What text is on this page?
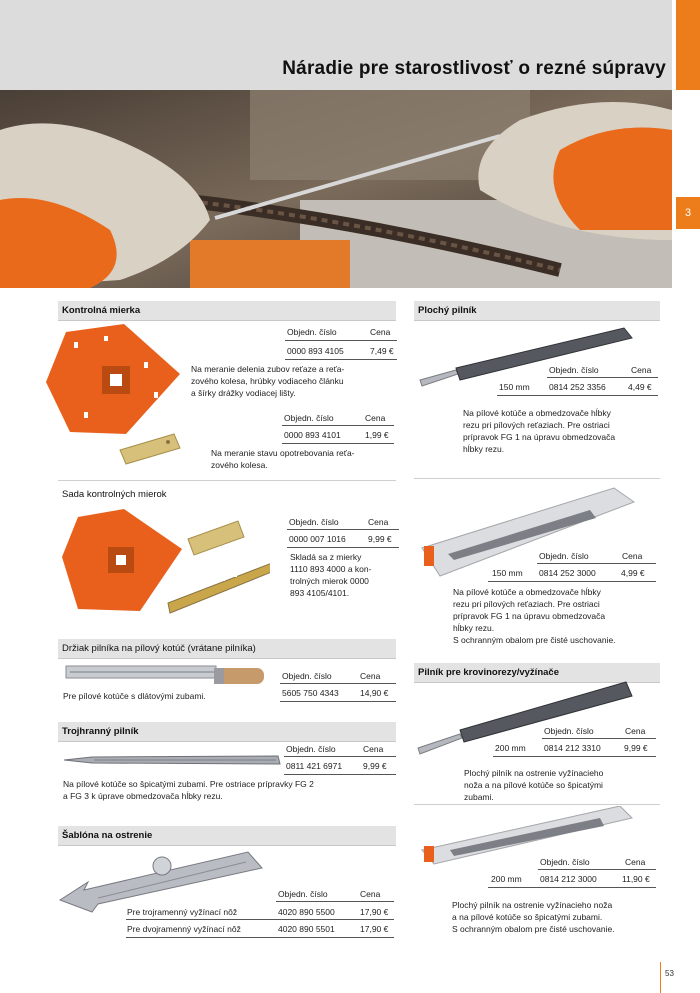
Náradie pre starostlivosť o rezné súpravy
3
Kontrolná mierka
Objedn. číslo	Cena
0000 893 4105	7,49 €
Na meranie delenia zubov reťaze a reťa-
zového kolesa, hrúbky vodiaceho článku
a šírky drážky vodiacej lišty.
Objedn. číslo	Cena
0000 893 4101	1,99 €
Na meranie stavu opotrebovania reťa-
zového kolesa.
Sada kontrolných mierok
Objedn. číslo	Cena
0000 007 1016	9,99 €
Skladá sa z mierky
1110 893 4000 a kon-
trolných mierok 0000
893 4105/4101.
Držiak pilníka na pílový kotúč (vrátane pilníka)
Objedn. číslo	Cena
Pre pílové kotúče s dlátovými zubami.	5605 750 4343	14,90 €
Trojhranný pilník
Objedn. číslo	Cena
0811 421 6971 9,99 €
Na pílové kotúče so špicatými zubami. Pre ostriace prípravky FG 2
a FG 3 k úprave obmedzovača hĺbky rezu.
Šablóna na ostrenie
Objedn. číslo	Cena
Pre trojramenný vyžínací nôž	4020 890 5500	17,90 €
Pre dvojramenný vyžínací nôž	4020 890 5501	17,90 €
Plochý pilník
Objedn. číslo	Cena
150 mm 0814 252 3356	4,49 €
Na pílové kotúče a obmedzovače hĺbky
rezu pri pílových reťaziach. Pre ostriaci
prípravok FG 1 na úpravu obmedzovača
hĺbky rezu.
Objedn. číslo	Cena
150 mm 0814 252 3000	4,99 €
Na pílové kotúče a obmedzovače hĺbky
rezu pri pílových reťaziach. Pre ostriaci
prípravok FG 1 na úpravu obmedzovača
hĺbky rezu.
S ochranným obalom pre čisté uschovanie.
Pilník pre krovinorezy/vyžínače
Objedn. číslo	Cena
200 mm 0814 212 3310	9,99 €
Plochý pilník na ostrenie vyžínacieho
noža a na pílové kotúče so špicatými
zubami.
Objedn. číslo	Cena
200 mm 0814 212 3000	11,90 €
Plochý pilník na ostrenie vyžínacieho noža
a na pílové kotúče so špicatými zubami.
S ochranným obalom pre čisté uschovanie.
53
